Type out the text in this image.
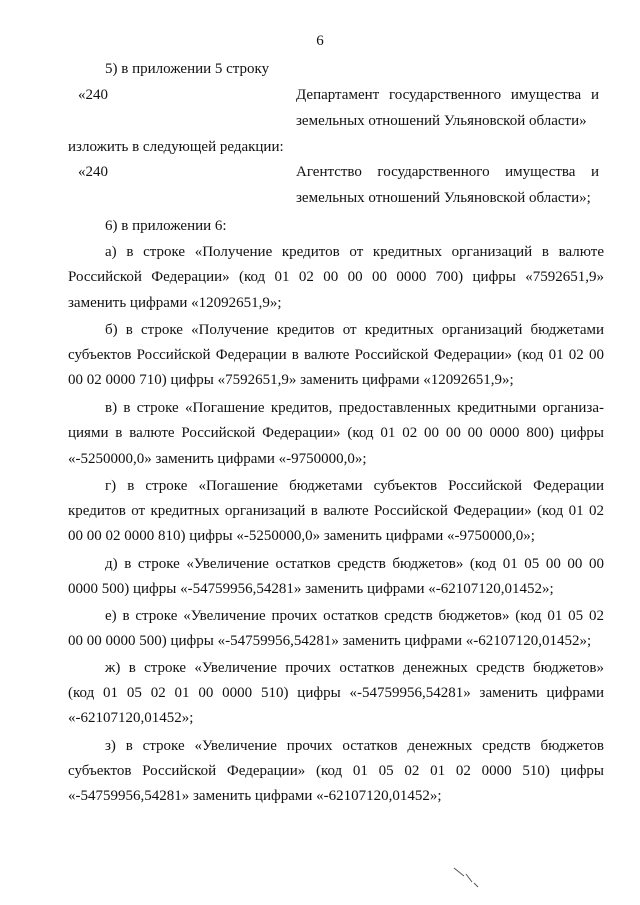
6
5) в приложении 5 строку
«240	Департамент государственного имущества и
земельных отношений Ульяновской области»
изложить в следующей редакции:
«240	Агентство государственного имущества и
земельных отношений Ульяновской области»;
6) в приложении 6:
а) в строке «Получение кредитов от кредитных организаций в валюте
Российской Федерации» (код 01 02 00 00 00 0000 700) цифры «7592651,9»
заменить цифрами «12092651,9»;
б) в строке «Получение кредитов от кредитных организаций бюджетами
субъектов Российской Федерации в валюте Российской Федерации» (код 01 02 00
00 02 0000 710) цифры «7592651,9» заменить цифрами «12092651,9»;
в) в строке «Погашение кредитов, предоставленных кредитными организа-
циями в валюте Российской Федерации» (код 01 02 00 00 00 0000 800) цифры
«-5250000,0» заменить цифрами «-9750000,0»;
г) в строке «Погашение бюджетами субъектов Российской Федерации
кредитов от кредитных организаций в валюте Российской Федерации» (код 01 02
00 00 02 0000 810) цифры «-5250000,0» заменить цифрами «-9750000,0»;
д) в строке «Увеличение остатков средств бюджетов» (код 01 05 00 00 00
0000 500) цифры «-54759956,54281» заменить цифрами «-62107120,01452»;
е) в строке «Увеличение прочих остатков средств бюджетов» (код 01 05 02
00 00 0000 500) цифры «-54759956,54281» заменить цифрами «-62107120,01452»;
ж) в строке «Увеличение прочих остатков денежных средств бюджетов»
(код 01 05 02 01 00 0000 510) цифры «-54759956,54281» заменить цифрами
«-62107120,01452»;
з) в строке «Увеличение прочих остатков денежных средств бюджетов
субъектов Российской Федерации» (код 01 05 02 01 02 0000 510) цифры
«-54759956,54281» заменить цифрами «-62107120,01452»;
